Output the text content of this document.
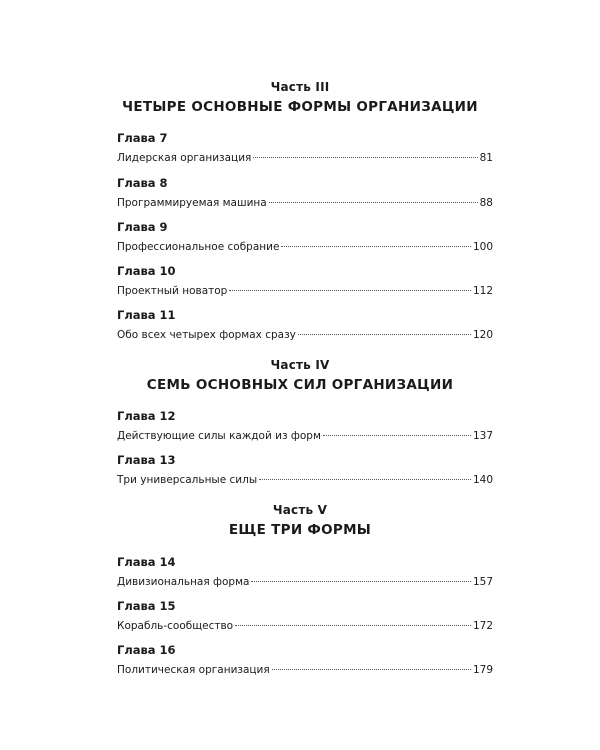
Часть III
ЧЕТЫРЕ ОСНОВНЫЕ ФОРМЫ ОРГАНИЗАЦИИ
Глава 7
Лидерская организация	81
Глава 8
Программируемая машина	88
Глава 9
Профессиональное собрание	100
Глава 10
Проектный новатор	112
Глава 11
Обо всех четырех формах сразу	120
Часть IV
СЕМЬ ОСНОВНЫХ СИЛ ОРГАНИЗАЦИИ
Глава 12
Действующие силы каждой из форм	137
Глава 13
Три универсальные силы	140
Часть V
ЕЩЕ ТРИ ФОРМЫ
Глава 14
Дивизиональная форма	157
Глава 15
Корабль-сообщество	172
Глава 16
Политическая организация	179
